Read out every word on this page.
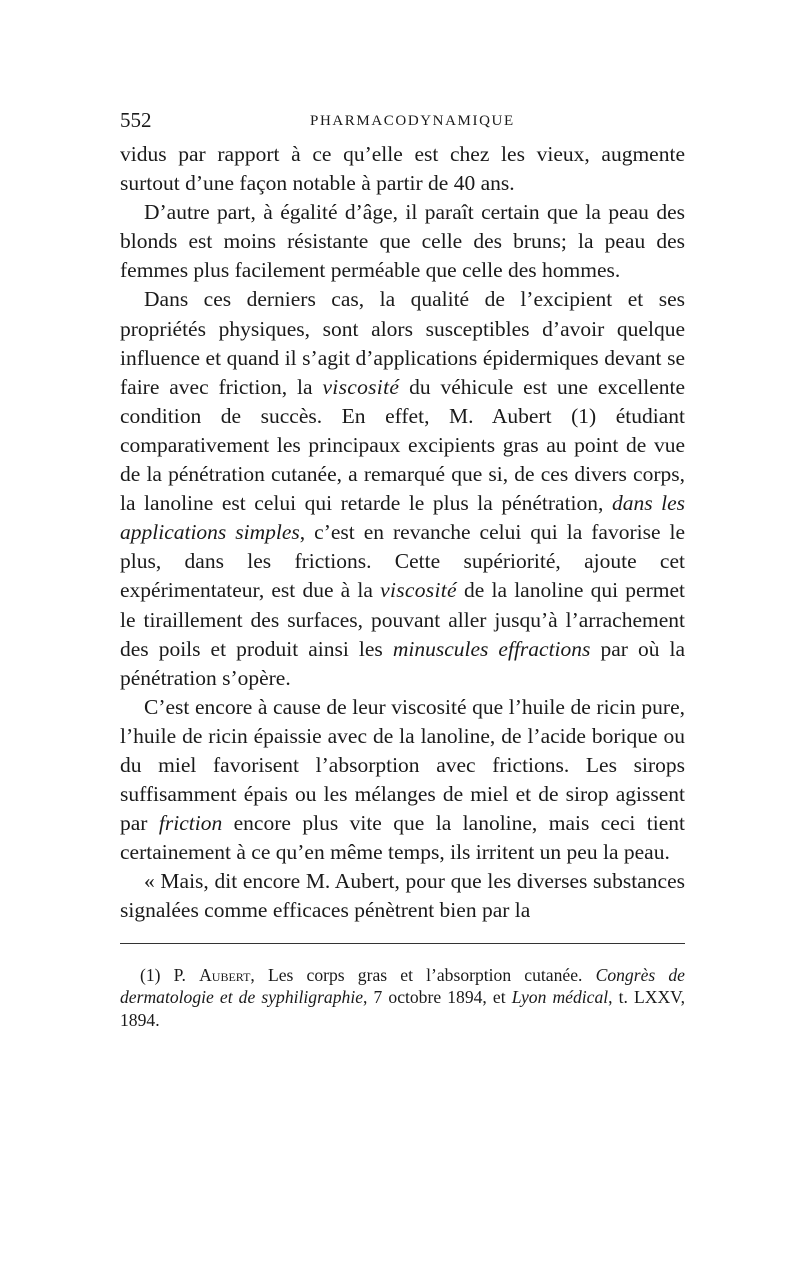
552	PHARMACODYNAMIQUE

vidus par rapport à ce qu’elle est chez les vieux, augmente surtout d’une façon notable à partir de 40 ans.

D’autre part, à égalité d’âge, il paraît certain que la peau des blonds est moins résistante que celle des bruns; la peau des femmes plus facilement perméable que celle des hommes.

Dans ces derniers cas, la qualité de l’excipient et ses propriétés physiques, sont alors susceptibles d’avoir quelque influence et quand il s’agit d’applications épidermiques devant se faire avec friction, la viscosité du véhicule est une excellente condition de succès. En effet, M. Aubert (1) étudiant comparativement les principaux excipients gras au point de vue de la pénétration cutanée, a remarqué que si, de ces divers corps, la lanoline est celui qui retarde le plus la pénétration, dans les applications simples, c’est en revanche celui qui la favorise le plus, dans les frictions. Cette supériorité, ajoute cet expérimentateur, est due à la viscosité de la lanoline qui permet le tiraillement des surfaces, pouvant aller jusqu’à l’arrachement des poils et produit ainsi les minuscules effractions par où la pénétration s’opère.

C’est encore à cause de leur viscosité que l’huile de ricin pure, l’huile de ricin épaissie avec de la lanoline, de l’acide borique ou du miel favorisent l’absorption avec frictions. Les sirops suffisamment épais ou les mélanges de miel et de sirop agissent par friction encore plus vite que la lanoline, mais ceci tient certainement à ce qu’en même temps, ils irritent un peu la peau.

« Mais, dit encore M. Aubert, pour que les diverses substances signalées comme efficaces pénètrent bien par la

(1) P. Aubert, Les corps gras et l’absorption cutanée. Congrès de dermatologie et de syphiligraphie, 7 octobre 1894, et Lyon médical, t. LXXV, 1894.
